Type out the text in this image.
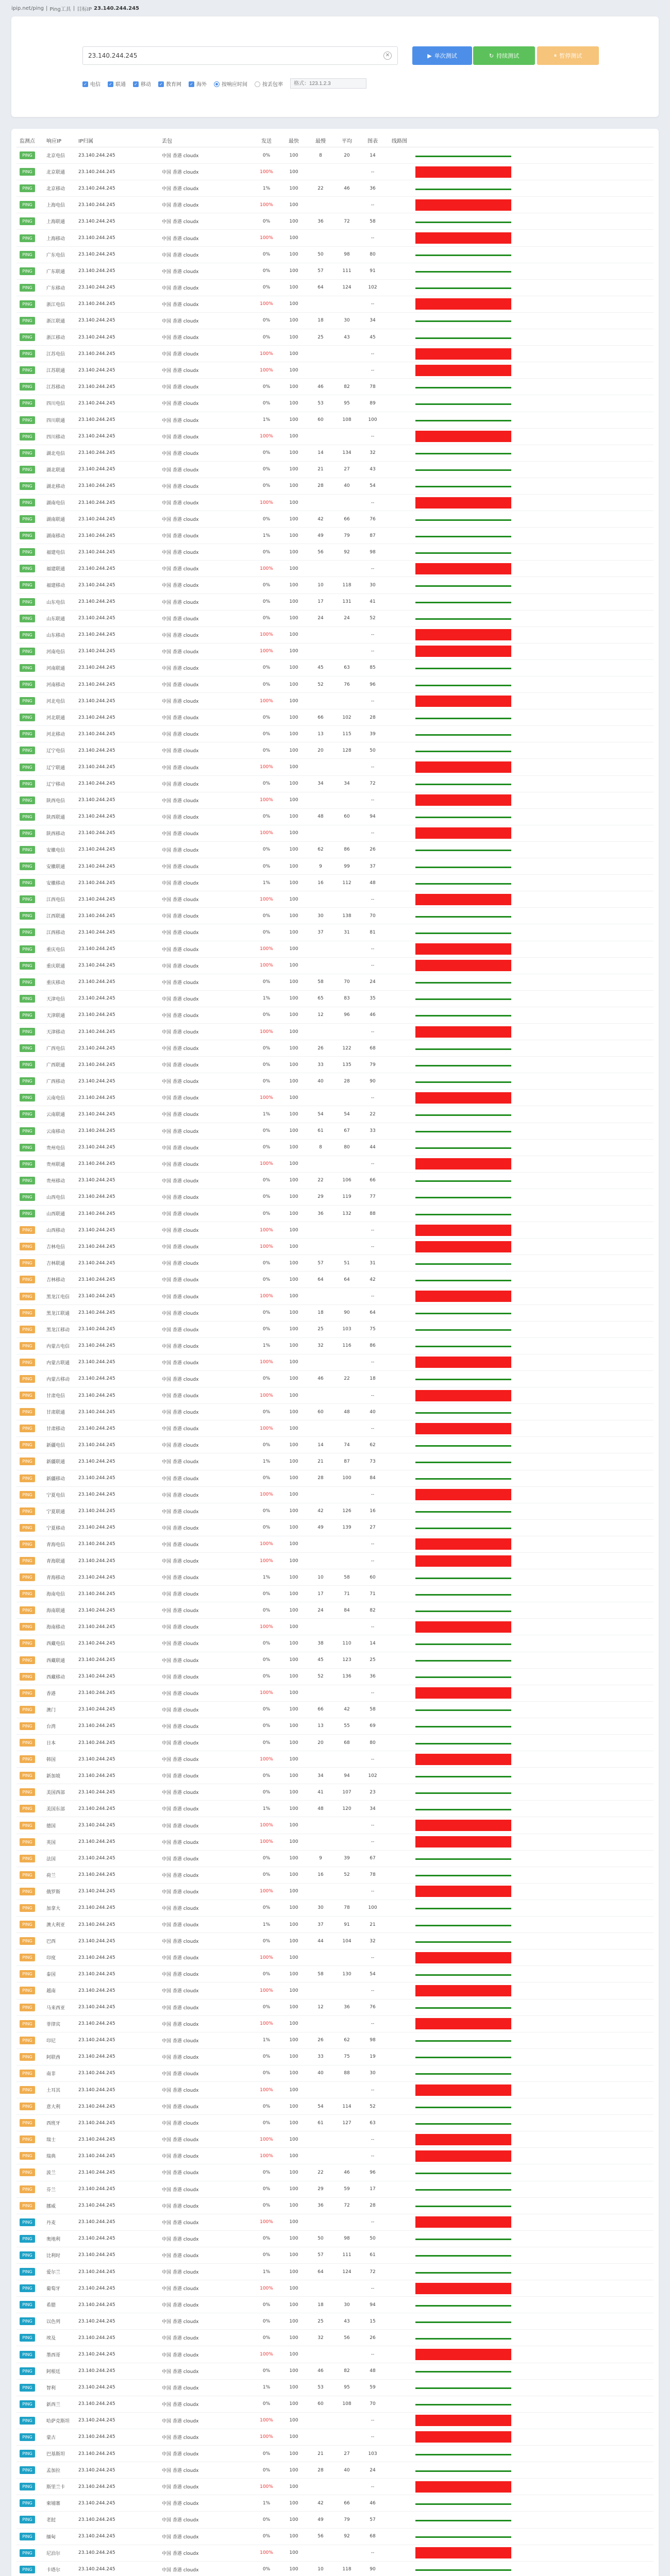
ipip.net/ping | Ping工具 | 目标IP 23.140.244.245
23.140.244.245
✕	▶ 单次测试	↻ 持续测试	⏸ 暂停测试
✓ 电信 ✓ 联通 ✓ 移动 ✓ 教育网 ✓ 海外	按响应时间	按丢包率
格式：123.1.2.3
监测点	响应IP	IP归属	丢包	发送	最快	最慢	平均	图表	线路图
PING	北京电信	23.140.244.245	中国 香港 cloudx	0%	100	8	20	14
PING	北京联通	23.140.244.245	中国 香港 cloudx	100%	100	--
PING	北京移动	23.140.244.245	中国 香港 cloudx	1%	100	22	46	36
PING	上海电信	23.140.244.245	中国 香港 cloudx	100%	100	--
PING	上海联通	23.140.244.245	中国 香港 cloudx	0%	100	36	72	58
PING	上海移动	23.140.244.245	中国 香港 cloudx	100%	100	--
PING	广东电信	23.140.244.245	中国 香港 cloudx	0%	100	50	98	80
PING	广东联通	23.140.244.245	中国 香港 cloudx	0%	100	57	111	91
PING	广东移动	23.140.244.245	中国 香港 cloudx	0%	100	64	124	102
PING	浙江电信	23.140.244.245	中国 香港 cloudx	100%	100	--
PING	浙江联通	23.140.244.245	中国 香港 cloudx	0%	100	18	30	34
PING	浙江移动	23.140.244.245	中国 香港 cloudx	0%	100	25	43	45
PING	江苏电信	23.140.244.245	中国 香港 cloudx	100%	100	--
PING	江苏联通	23.140.244.245	中国 香港 cloudx	100%	100	--
PING	江苏移动	23.140.244.245	中国 香港 cloudx	0%	100	46	82	78
PING	四川电信	23.140.244.245	中国 香港 cloudx	0%	100	53	95	89
PING	四川联通	23.140.244.245	中国 香港 cloudx	1%	100	60	108	100
PING	四川移动	23.140.244.245	中国 香港 cloudx	100%	100	--
PING	湖北电信	23.140.244.245	中国 香港 cloudx	0%	100	14	134	32
PING	湖北联通	23.140.244.245	中国 香港 cloudx	0%	100	21	27	43
PING	湖北移动	23.140.244.245	中国 香港 cloudx	0%	100	28	40	54
PING	湖南电信	23.140.244.245	中国 香港 cloudx	100%	100	--
PING	湖南联通	23.140.244.245	中国 香港 cloudx	0%	100	42	66	76
PING	湖南移动	23.140.244.245	中国 香港 cloudx	1%	100	49	79	87
PING	福建电信	23.140.244.245	中国 香港 cloudx	0%	100	56	92	98
PING	福建联通	23.140.244.245	中国 香港 cloudx	100%	100	--
PING	福建移动	23.140.244.245	中国 香港 cloudx	0%	100	10	118	30
PING	山东电信	23.140.244.245	中国 香港 cloudx	0%	100	17	131	41
PING	山东联通	23.140.244.245	中国 香港 cloudx	0%	100	24	24	52
PING	山东移动	23.140.244.245	中国 香港 cloudx	100%	100	--
PING	河南电信	23.140.244.245	中国 香港 cloudx	100%	100	--
PING	河南联通	23.140.244.245	中国 香港 cloudx	0%	100	45	63	85
PING	河南移动	23.140.244.245	中国 香港 cloudx	0%	100	52	76	96
PING	河北电信	23.140.244.245	中国 香港 cloudx	100%	100	--
PING	河北联通	23.140.244.245	中国 香港 cloudx	0%	100	66	102	28
PING	河北移动	23.140.244.245	中国 香港 cloudx	0%	100	13	115	39
PING	辽宁电信	23.140.244.245	中国 香港 cloudx	0%	100	20	128	50
PING	辽宁联通	23.140.244.245	中国 香港 cloudx	100%	100	--
PING	辽宁移动	23.140.244.245	中国 香港 cloudx	0%	100	34	34	72
PING	陕西电信	23.140.244.245	中国 香港 cloudx	100%	100	--
PING	陕西联通	23.140.244.245	中国 香港 cloudx	0%	100	48	60	94
PING	陕西移动	23.140.244.245	中国 香港 cloudx	100%	100	--
PING	安徽电信	23.140.244.245	中国 香港 cloudx	0%	100	62	86	26
PING	安徽联通	23.140.244.245	中国 香港 cloudx	0%	100	9	99	37
PING	安徽移动	23.140.244.245	中国 香港 cloudx	1%	100	16	112	48
PING	江西电信	23.140.244.245	中国 香港 cloudx	100%	100	--
PING	江西联通	23.140.244.245	中国 香港 cloudx	0%	100	30	138	70
PING	江西移动	23.140.244.245	中国 香港 cloudx	0%	100	37	31	81
PING	重庆电信	23.140.244.245	中国 香港 cloudx	100%	100	--
PING	重庆联通	23.140.244.245	中国 香港 cloudx	100%	100	--
PING	重庆移动	23.140.244.245	中国 香港 cloudx	0%	100	58	70	24
PING	天津电信	23.140.244.245	中国 香港 cloudx	1%	100	65	83	35
PING	天津联通	23.140.244.245	中国 香港 cloudx	0%	100	12	96	46
PING	天津移动	23.140.244.245	中国 香港 cloudx	100%	100	--
PING	广西电信	23.140.244.245	中国 香港 cloudx	0%	100	26	122	68
PING	广西联通	23.140.244.245	中国 香港 cloudx	0%	100	33	135	79
PING	广西移动	23.140.244.245	中国 香港 cloudx	0%	100	40	28	90
PING	云南电信	23.140.244.245	中国 香港 cloudx	100%	100	--
PING	云南联通	23.140.244.245	中国 香港 cloudx	1%	100	54	54	22
PING	云南移动	23.140.244.245	中国 香港 cloudx	0%	100	61	67	33
PING	贵州电信	23.140.244.245	中国 香港 cloudx	0%	100	8	80	44
PING	贵州联通	23.140.244.245	中国 香港 cloudx	100%	100	--
PING	贵州移动	23.140.244.245	中国 香港 cloudx	0%	100	22	106	66
PING	山西电信	23.140.244.245	中国 香港 cloudx	0%	100	29	119	77
PING	山西联通	23.140.244.245	中国 香港 cloudx	0%	100	36	132	88
PING	山西移动	23.140.244.245	中国 香港 cloudx	100%	100	--
PING	吉林电信	23.140.244.245	中国 香港 cloudx	100%	100	--
PING	吉林联通	23.140.244.245	中国 香港 cloudx	0%	100	57	51	31
PING	吉林移动	23.140.244.245	中国 香港 cloudx	0%	100	64	64	42
PING	黑龙江电信	23.140.244.245	中国 香港 cloudx	100%	100	--
PING	黑龙江联通	23.140.244.245	中国 香港 cloudx	0%	100	18	90	64
PING	黑龙江移动	23.140.244.245	中国 香港 cloudx	0%	100	25	103	75
PING	内蒙古电信	23.140.244.245	中国 香港 cloudx	1%	100	32	116	86
PING	内蒙古联通	23.140.244.245	中国 香港 cloudx	100%	100	--
PING	内蒙古移动	23.140.244.245	中国 香港 cloudx	0%	100	46	22	18
PING	甘肃电信	23.140.244.245	中国 香港 cloudx	100%	100	--
PING	甘肃联通	23.140.244.245	中国 香港 cloudx	0%	100	60	48	40
PING	甘肃移动	23.140.244.245	中国 香港 cloudx	100%	100	--
PING	新疆电信	23.140.244.245	中国 香港 cloudx	0%	100	14	74	62
PING	新疆联通	23.140.244.245	中国 香港 cloudx	1%	100	21	87	73
PING	新疆移动	23.140.244.245	中国 香港 cloudx	0%	100	28	100	84
PING	宁夏电信	23.140.244.245	中国 香港 cloudx	100%	100	--
PING	宁夏联通	23.140.244.245	中国 香港 cloudx	0%	100	42	126	16
PING	宁夏移动	23.140.244.245	中国 香港 cloudx	0%	100	49	139	27
PING	青海电信	23.140.244.245	中国 香港 cloudx	100%	100	--
PING	青海联通	23.140.244.245	中国 香港 cloudx	100%	100	--
PING	青海移动	23.140.244.245	中国 香港 cloudx	1%	100	10	58	60
PING	海南电信	23.140.244.245	中国 香港 cloudx	0%	100	17	71	71
PING	海南联通	23.140.244.245	中国 香港 cloudx	0%	100	24	84	82
PING	海南移动	23.140.244.245	中国 香港 cloudx	100%	100	--
PING	西藏电信	23.140.244.245	中国 香港 cloudx	0%	100	38	110	14
PING	西藏联通	23.140.244.245	中国 香港 cloudx	0%	100	45	123	25
PING	西藏移动	23.140.244.245	中国 香港 cloudx	0%	100	52	136	36
PING	香港	23.140.244.245	中国 香港 cloudx	100%	100	--
PING	澳门	23.140.244.245	中国 香港 cloudx	0%	100	66	42	58
PING	台湾	23.140.244.245	中国 香港 cloudx	0%	100	13	55	69
PING	日本	23.140.244.245	中国 香港 cloudx	0%	100	20	68	80
PING	韩国	23.140.244.245	中国 香港 cloudx	100%	100	--
PING	新加坡	23.140.244.245	中国 香港 cloudx	0%	100	34	94	102
PING	美国西部	23.140.244.245	中国 香港 cloudx	0%	100	41	107	23
PING	美国东部	23.140.244.245	中国 香港 cloudx	1%	100	48	120	34
PING	德国	23.140.244.245	中国 香港 cloudx	100%	100	--
PING	英国	23.140.244.245	中国 香港 cloudx	100%	100	--
PING	法国	23.140.244.245	中国 香港 cloudx	0%	100	9	39	67
PING	荷兰	23.140.244.245	中国 香港 cloudx	0%	100	16	52	78
PING	俄罗斯	23.140.244.245	中国 香港 cloudx	100%	100	--
PING	加拿大	23.140.244.245	中国 香港 cloudx	0%	100	30	78	100
PING	澳大利亚	23.140.244.245	中国 香港 cloudx	1%	100	37	91	21
PING	巴西	23.140.244.245	中国 香港 cloudx	0%	100	44	104	32
PING	印度	23.140.244.245	中国 香港 cloudx	100%	100	--
PING	泰国	23.140.244.245	中国 香港 cloudx	0%	100	58	130	54
PING	越南	23.140.244.245	中国 香港 cloudx	100%	100	--
PING	马来西亚	23.140.244.245	中国 香港 cloudx	0%	100	12	36	76
PING	菲律宾	23.140.244.245	中国 香港 cloudx	100%	100	--
PING	印尼	23.140.244.245	中国 香港 cloudx	1%	100	26	62	98
PING	阿联酋	23.140.244.245	中国 香港 cloudx	0%	100	33	75	19
PING	南非	23.140.244.245	中国 香港 cloudx	0%	100	40	88	30
PING	土耳其	23.140.244.245	中国 香港 cloudx	100%	100	--
PING	意大利	23.140.244.245	中国 香港 cloudx	0%	100	54	114	52
PING	西班牙	23.140.244.245	中国 香港 cloudx	0%	100	61	127	63
PING	瑞士	23.140.244.245	中国 香港 cloudx	100%	100	--
PING	瑞典	23.140.244.245	中国 香港 cloudx	100%	100	--
PING	波兰	23.140.244.245	中国 香港 cloudx	0%	100	22	46	96
PING	芬兰	23.140.244.245	中国 香港 cloudx	0%	100	29	59	17
PING	挪威	23.140.244.245	中国 香港 cloudx	0%	100	36	72	28
PING	丹麦	23.140.244.245	中国 香港 cloudx	100%	100	--
PING	奥地利	23.140.244.245	中国 香港 cloudx	0%	100	50	98	50
PING	比利时	23.140.244.245	中国 香港 cloudx	0%	100	57	111	61
PING	爱尔兰	23.140.244.245	中国 香港 cloudx	1%	100	64	124	72
PING	葡萄牙	23.140.244.245	中国 香港 cloudx	100%	100	--
PING	希腊	23.140.244.245	中国 香港 cloudx	0%	100	18	30	94
PING	以色列	23.140.244.245	中国 香港 cloudx	0%	100	25	43	15
PING	埃及	23.140.244.245	中国 香港 cloudx	0%	100	32	56	26
PING	墨西哥	23.140.244.245	中国 香港 cloudx	100%	100	--
PING	阿根廷	23.140.244.245	中国 香港 cloudx	0%	100	46	82	48
PING	智利	23.140.244.245	中国 香港 cloudx	1%	100	53	95	59
PING	新西兰	23.140.244.245	中国 香港 cloudx	0%	100	60	108	70
PING	哈萨克斯坦	23.140.244.245	中国 香港 cloudx	100%	100	--
PING	蒙古	23.140.244.245	中国 香港 cloudx	100%	100	--
PING	巴基斯坦	23.140.244.245	中国 香港 cloudx	0%	100	21	27	103
PING	孟加拉	23.140.244.245	中国 香港 cloudx	0%	100	28	40	24
PING	斯里兰卡	23.140.244.245	中国 香港 cloudx	100%	100	--
PING	柬埔寨	23.140.244.245	中国 香港 cloudx	1%	100	42	66	46
PING	老挝	23.140.244.245	中国 香港 cloudx	0%	100	49	79	57
PING	缅甸	23.140.244.245	中国 香港 cloudx	0%	100	56	92	68
PING	尼泊尔	23.140.244.245	中国 香港 cloudx	100%	100	--
PING	卡塔尔	23.140.244.245	中国 香港 cloudx	0%	100	10	118	90
